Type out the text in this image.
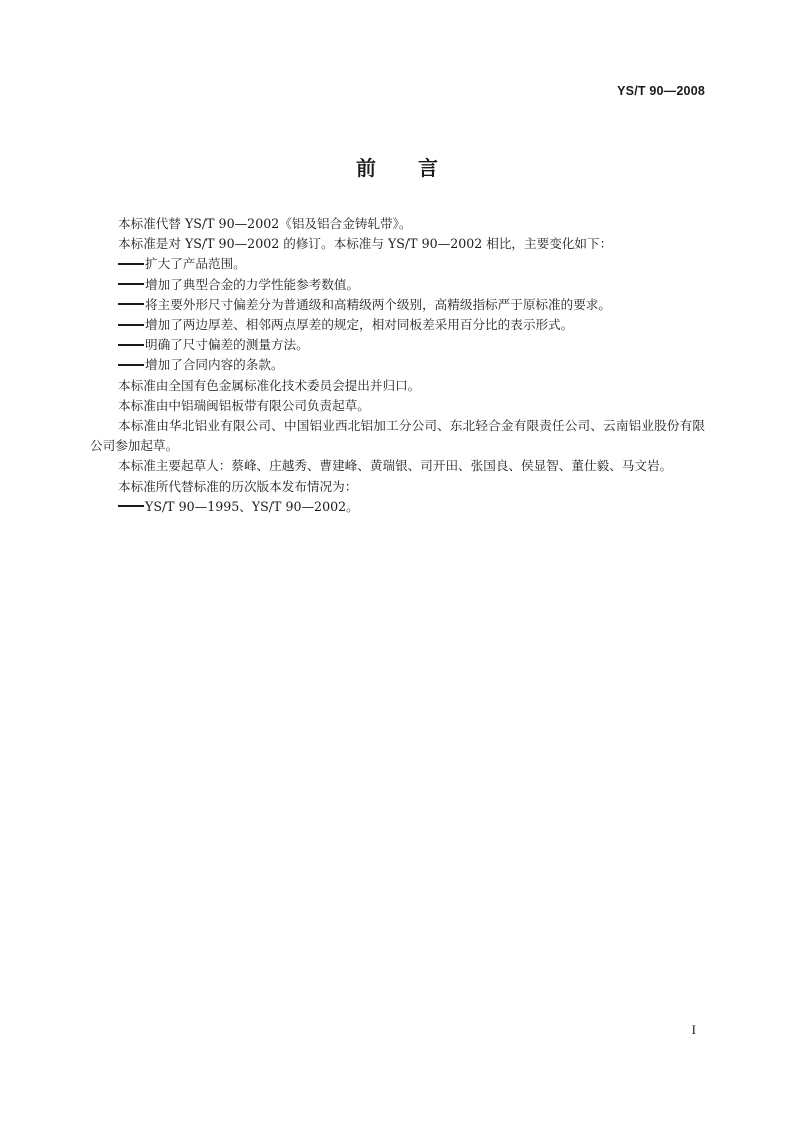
YS/T 90—2008
前 言

本标准代替 YS/T 90—2002《铝及铝合金铸轧带》。

本标准是对 YS/T 90—2002 的修订。本标准与 YS/T 90—2002 相比，主要变化如下：

扩大了产品范围。

增加了典型合金的力学性能参考数值。

将主要外形尺寸偏差分为普通级和高精级两个级别，高精级指标严于原标准的要求。

增加了两边厚差、相邻两点厚差的规定，相对同板差采用百分比的表示形式。

明确了尺寸偏差的测量方法。

增加了合同内容的条款。

本标准由全国有色金属标准化技术委员会提出并归口。

本标准由中铝瑞闽铝板带有限公司负责起草。

本标准由华北铝业有限公司、中国铝业西北铝加工分公司、东北轻合金有限责任公司、云南铝业股份有限公司参加起草。

本标准主要起草人：蔡峰、庄越秀、曹建峰、黄瑞银、司开田、张国良、侯显智、董仕毅、马文岩。

本标准所代替标准的历次版本发布情况为：

YS/T 90—1995、YS/T 90—2002。

I
